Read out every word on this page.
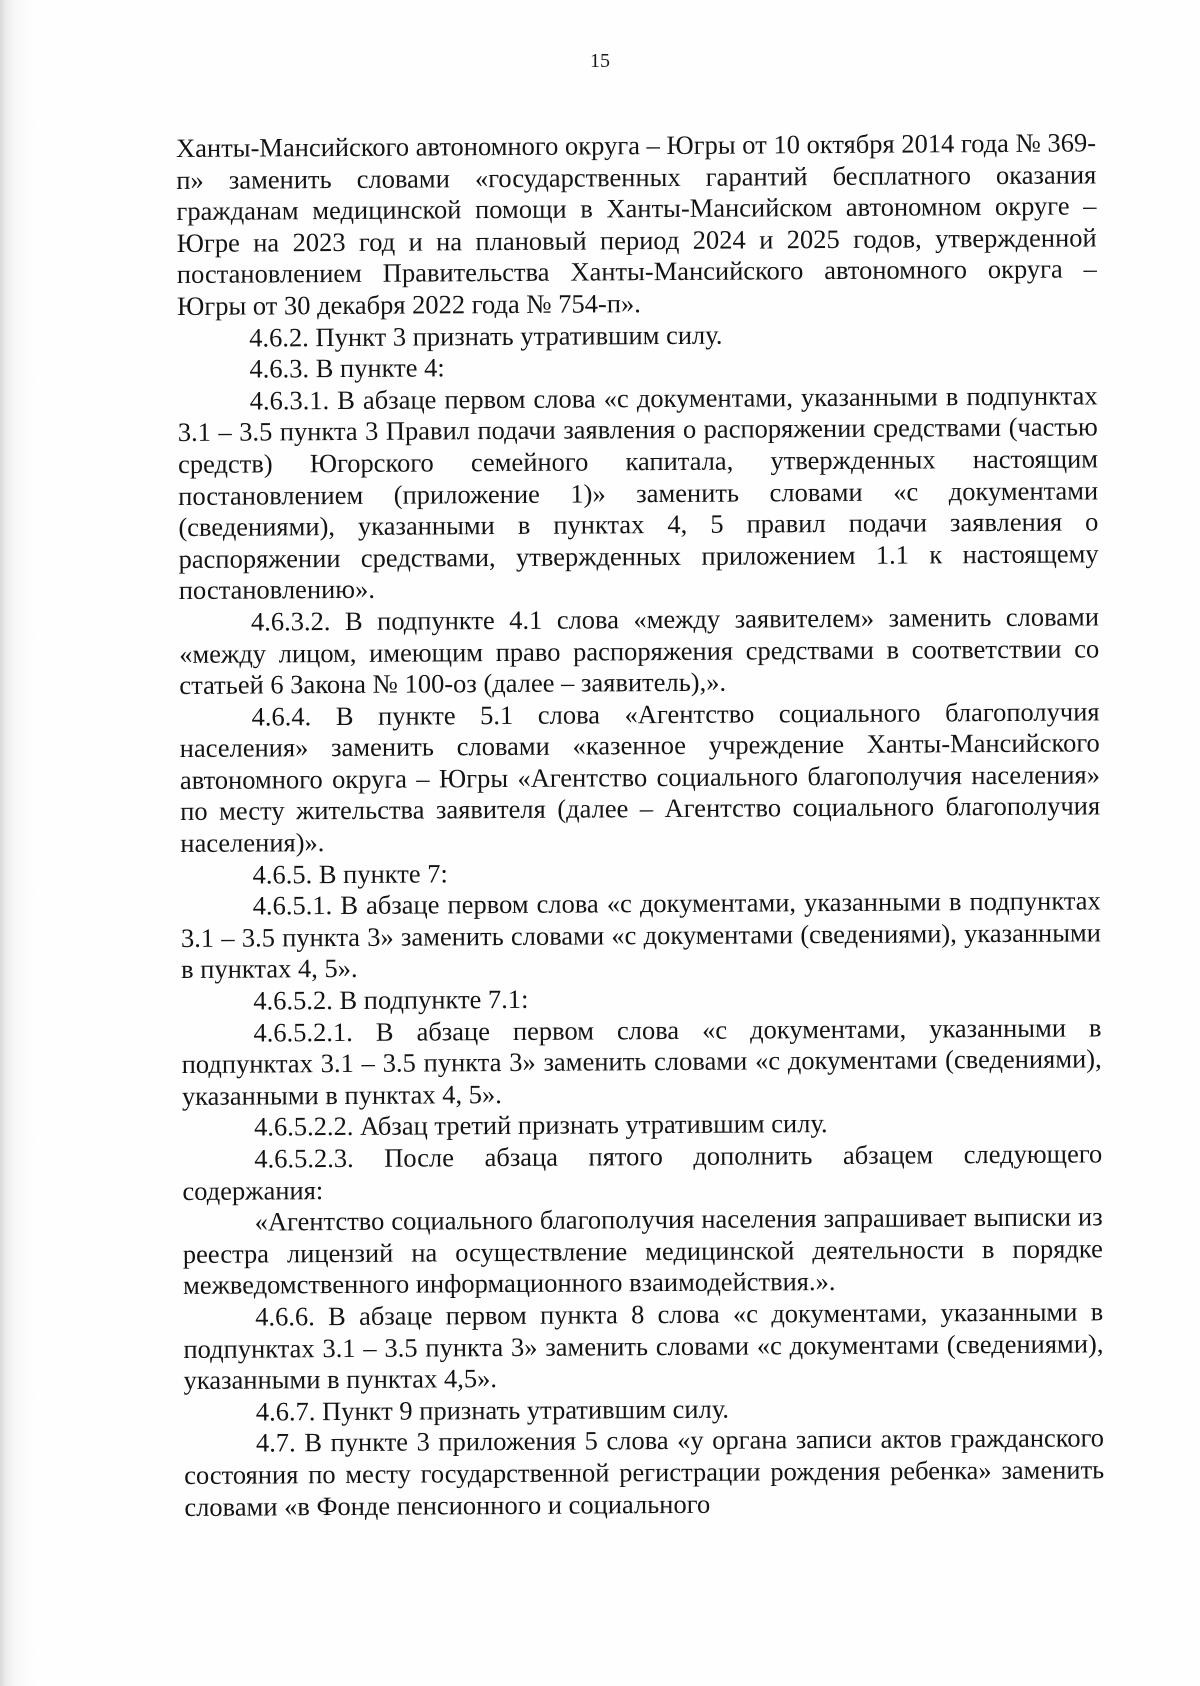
15

Ханты-Мансийского автономного округа – Югры от 10 октября 2014 года № 369-п» заменить словами «государственных гарантий бесплатного оказания гражданам медицинской помощи в Ханты-Мансийском автономном округе – Югре на 2023 год и на плановый период 2024 и 2025 годов, утвержденной постановлением Правительства Ханты-Мансийского автономного округа – Югры от 30 декабря 2022 года № 754-п».

4.6.2. Пункт 3 признать утратившим силу.

4.6.3. В пункте 4:

4.6.3.1. В абзаце первом слова «с документами, указанными в подпунктах 3.1 – 3.5 пункта 3 Правил подачи заявления о распоряжении средствами (частью средств) Югорского семейного капитала, утвержденных настоящим постановлением (приложение 1)» заменить словами «с документами (сведениями), указанными в пунктах 4, 5 правил подачи заявления о распоряжении средствами, утвержденных приложением 1.1 к настоящему постановлению».

4.6.3.2. В подпункте 4.1 слова «между заявителем» заменить словами «между лицом, имеющим право распоряжения средствами в соответствии со статьей 6 Закона № 100-оз (далее – заявитель),».

4.6.4. В пункте 5.1 слова «Агентство социального благополучия населения» заменить словами «казенное учреждение Ханты-Мансийского автономного округа – Югры «Агентство социального благополучия населения» по месту жительства заявителя (далее – Агентство социального благополучия населения)».

4.6.5. В пункте 7:

4.6.5.1. В абзаце первом слова «с документами, указанными в подпунктах 3.1 – 3.5 пункта 3» заменить словами «с документами (сведениями), указанными в пунктах 4, 5».

4.6.5.2. В подпункте 7.1:

4.6.5.2.1. В абзаце первом слова «с документами, указанными в подпунктах 3.1 – 3.5 пункта 3» заменить словами «с документами (сведениями), указанными в пунктах 4, 5».

4.6.5.2.2. Абзац третий признать утратившим силу.

4.6.5.2.3. После абзаца пятого дополнить абзацем следующего содержания:

«Агентство социального благополучия населения запрашивает выписки из реестра лицензий на осуществление медицинской деятельности в порядке межведомственного информационного взаимодействия.».

4.6.6. В абзаце первом пункта 8 слова «с документами, указанными в подпунктах 3.1 – 3.5 пункта 3» заменить словами «с документами (сведениями), указанными в пунктах 4,5».

4.6.7. Пункт 9 признать утратившим силу.

4.7. В пункте 3 приложения 5 слова «у органа записи актов гражданского состояния по месту государственной регистрации рождения ребенка» заменить словами «в Фонде пенсионного и социального
